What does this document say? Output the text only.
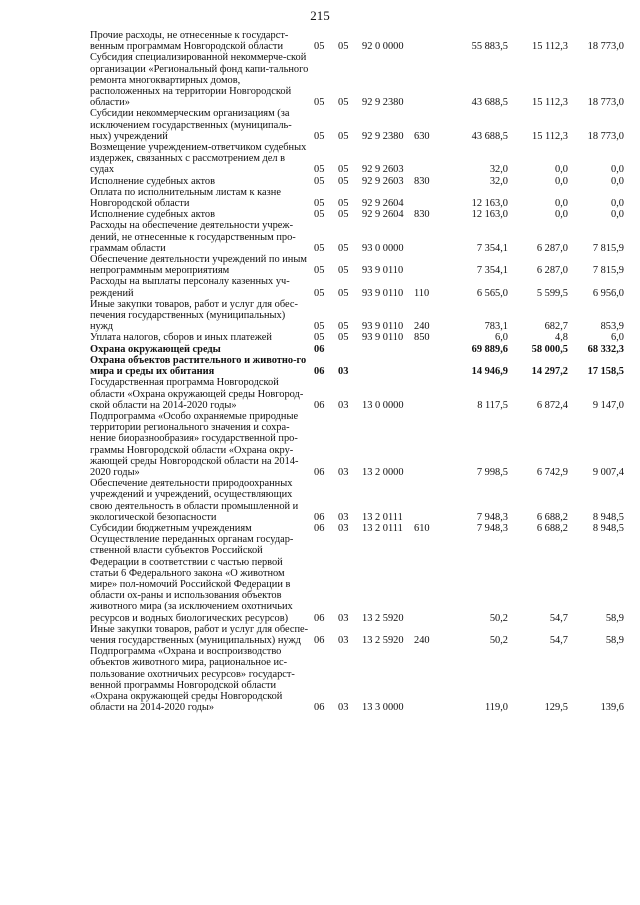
215
Прочие расходы, не отнесенные к государст-венным программам Новгородской области	05	05	92 0 0000		55 883,5	15 112,3	18 773,0
Субсидия специализированной некоммерче-ской организации «Региональный фонд капи-тального ремонта многоквартирных домов, расположенных на территории Новгородской области»	05	05	92 9 2380		43 688,5	15 112,3	18 773,0
Субсидии некоммерческим организациям (за исключением государственных (муниципаль-ных) учреждений	05	05	92 9 2380	630	43 688,5	15 112,3	18 773,0
Возмещение учреждением-ответчиком судебных издержек, связанных с рассмотрением дел в судах	05	05	92 9 2603		32,0	0,0	0,0
Исполнение судебных актов	05	05	92 9 2603	830	32,0	0,0	0,0
Оплата по исполнительным листам к казне Новгородской области	05	05	92 9 2604		12 163,0	0,0	0,0
Исполнение судебных актов	05	05	92 9 2604	830	12 163,0	0,0	0,0
Расходы на обеспечение деятельности учреж-дений, не отнесенные к государственным про-граммам области	05	05	93 0 0000		7 354,1	6 287,0	7 815,9
Обеспечение деятельности учреждений по иным непрограммным мероприятиям	05	05	93 9 0110		7 354,1	6 287,0	7 815,9
Расходы на выплаты персоналу казенных уч-реждений	05	05	93 9 0110	110	6 565,0	5 599,5	6 956,0
Иные закупки товаров, работ и услуг для обес-печения государственных (муниципальных) нужд	05	05	93 9 0110	240	783,1	682,7	853,9
Уплата налогов, сборов и иных платежей	05	05	93 9 0110	850	6,0	4,8	6,0
Охрана окружающей среды	06				69 889,6	58 000,5	68 332,3
Охрана объектов растительного и животно-го мира и среды их обитания	06	03			14 946,9	14 297,2	17 158,5
Государственная программа Новгородской области «Охрана окружающей среды Новгород-ской области на 2014-2020 годы»	06	03	13 0 0000		8 117,5	6 872,4	9 147,0
Подпрограмма «Особо охраняемые природные территории регионального значения и сохра-нение биоразнообразия» государственной про-граммы Новгородской области «Охрана окру-жающей среды Новгородской области на 2014-2020 годы»	06	03	13 2 0000		7 998,5	6 742,9	9 007,4
Обеспечение деятельности природоохранных учреждений и учреждений, осуществляющих свою деятельность в области промышленной и экологической безопасности	06	03	13 2 0111		7 948,3	6 688,2	8 948,5
Субсидии бюджетным учреждениям	06	03	13 2 0111	610	7 948,3	6 688,2	8 948,5
Осуществление переданных органам государ-ственной власти субъектов Российской Федерации в соответствии с частью первой статьи 6 Федерального закона «О животном мире» пол-номочий Российской Федерации в области ох-раны и использования объектов животного мира (за исключением охотничьих ресурсов и водных биологических ресурсов)	06	03	13 2 5920		50,2	54,7	58,9
Иные закупки товаров, работ и услуг для обеспе-чения государственных (муниципальных) нужд	06	03	13 2 5920	240	50,2	54,7	58,9
Подпрограмма «Охрана и воспроизводство объектов животного мира, рациональное ис-пользование охотничьих ресурсов» государст-венной программы Новгородской области «Охрана окружающей среды Новгородской области на 2014-2020 годы»	06	03	13 3 0000		119,0	129,5	139,6
